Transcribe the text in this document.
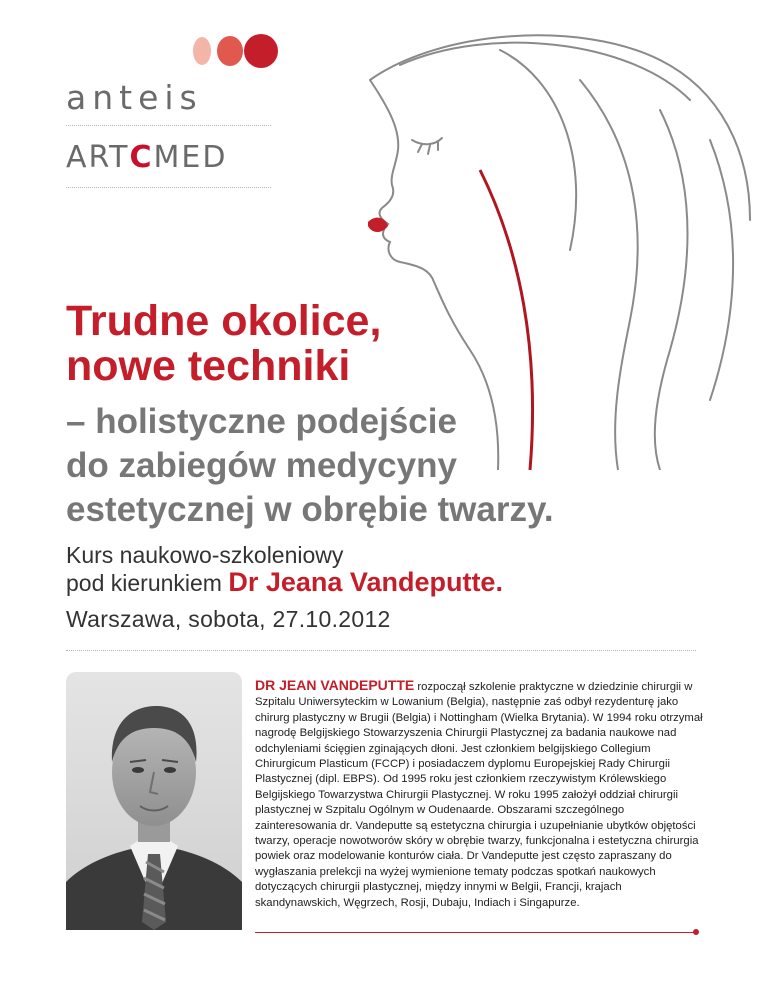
anteis
ARTCMED
Trudne okolice,
nowe techniki
– holistyczne podejście
do zabiegów medycyny
estetycznej w obrębie twarzy.
Kurs naukowo-szkoleniowy
pod kierunkiem Dr Jeana Vandeputte.
Warszawa, sobota, 27.10.2012
DR JEAN VANDEPUTTE rozpoczął szkolenie praktyczne w dziedzinie chirurgii w Szpitalu Uniwersyteckim w Lowanium (Belgia), następnie zaś odbył rezydenturę jako chirurg plastyczny w Brugii (Belgia) i Nottingham (Wielka Brytania). W 1994 roku otrzymał nagrodę Belgijskiego Stowarzyszenia Chirurgii Plastycznej za badania naukowe nad odchyleniami ścięgien zginających dłoni. Jest członkiem belgijskiego Collegium Chirurgicum Plasticum (FCCP) i posiadaczem dyplomu Europejskiej Rady Chirurgii Plastycznej (dipl. EBPS). Od 1995 roku jest członkiem rzeczywistym Królewskiego Belgijskiego Towarzystwa Chirurgii Plastycznej. W roku 1995 założył oddział chirurgii plastycznej w Szpitalu Ogólnym w Oudenaarde. Obszarami szczególnego zainteresowania dr. Vandeputte są estetyczna chirurgia i uzupełnianie ubytków objętości twarzy, operacje nowotworów skóry w obrębie twarzy, funkcjonalna i estetyczna chirurgia powiek oraz modelowanie konturów ciała. Dr Vandeputte jest często zapraszany do wygłaszania prelekcji na wyżej wymienione tematy podczas spotkań naukowych dotyczących chirurgii plastycznej, między innymi w Belgii, Francji, krajach skandynawskich, Węgrzech, Rosji, Dubaju, Indiach i Singapurze.
